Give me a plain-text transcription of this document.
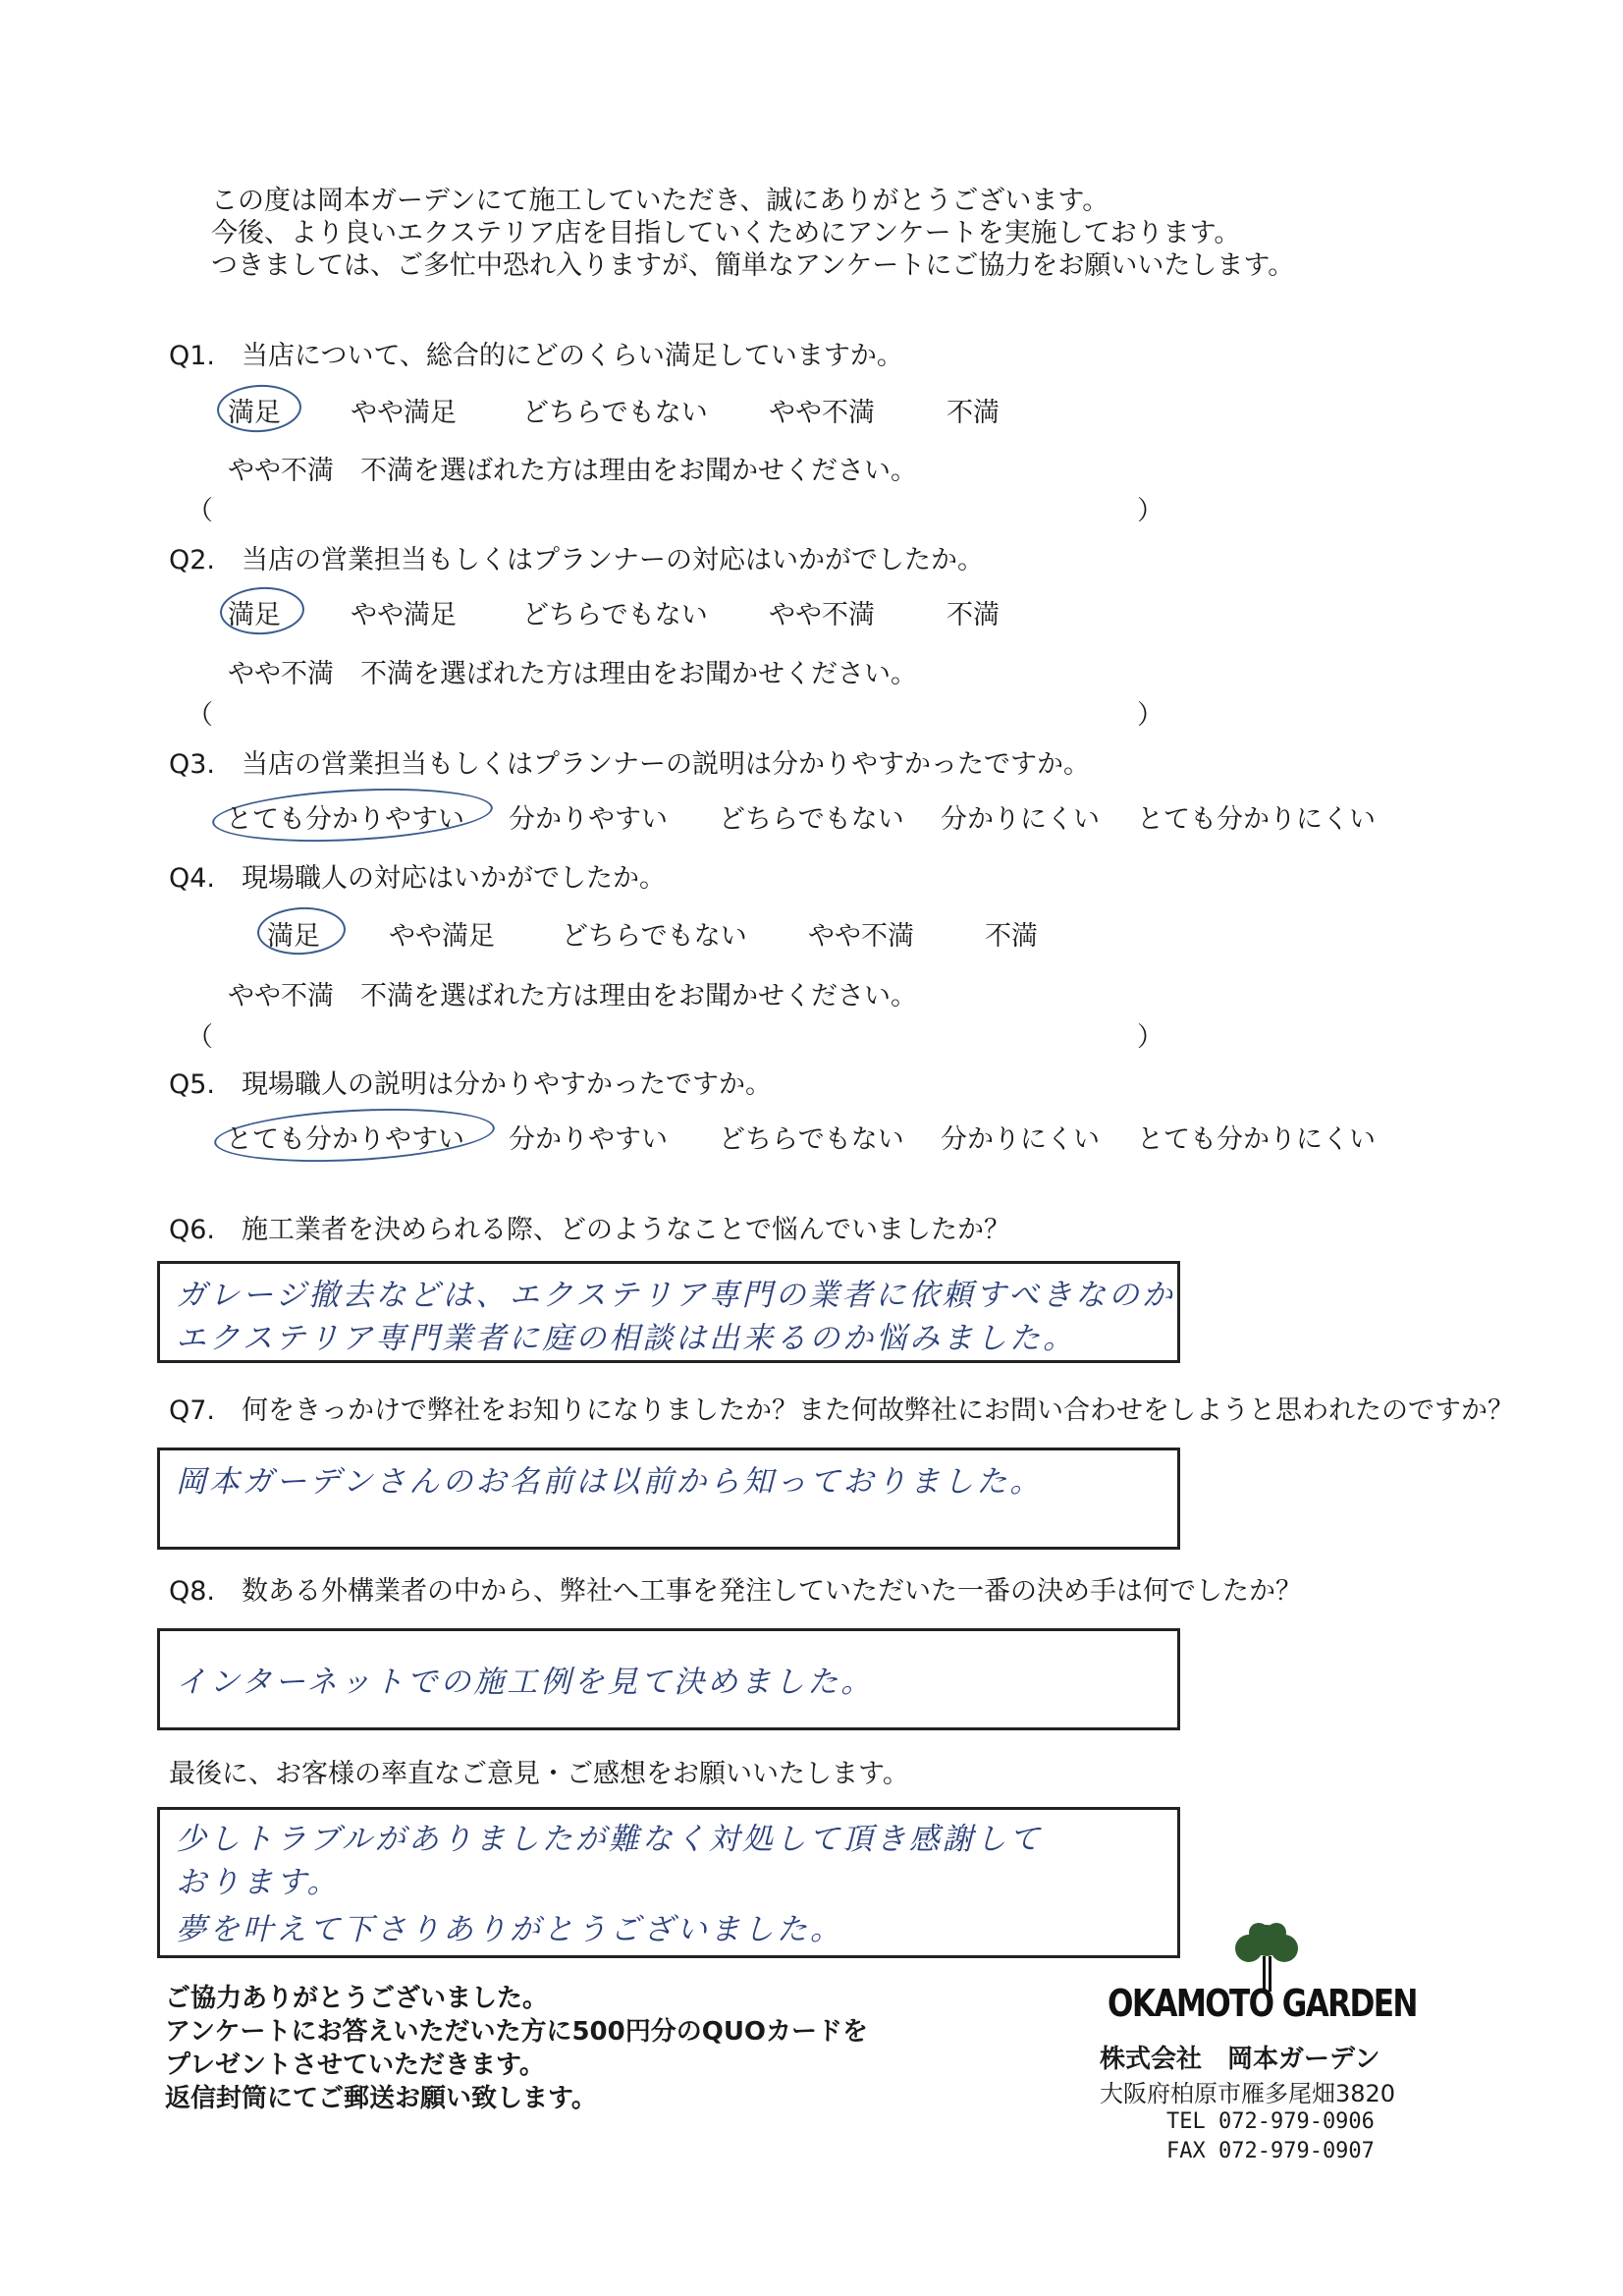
この度は岡本ガーデンにて施工していただき、誠にありがとうございます。
今後、より良いエクステリア店を目指していくためにアンケートを実施しております。
つきましては、ご多忙中恐れ入りますが、簡単なアンケートにご協力をお願いいたします。
Q1.　当店について、総合的にどのくらい満足していますか。
満足	やや満足 どちらでもない やや不満	不満
やや不満　不満を選ばれた方は理由をお聞かせください。
（	）
Q2.　当店の営業担当もしくはプランナーの対応はいかがでしたか。
満足	やや満足 どちらでもない やや不満	不満
やや不満　不満を選ばれた方は理由をお聞かせください。
（	）
Q3.　当店の営業担当もしくはプランナーの説明は分かりやすかったですか。
とても分かりやすい 分かりやすい どちらでもない 分かりにくい とても分かりにくい
Q4.　現場職人の対応はいかがでしたか。
満足	やや満足	どちらでもない やや不満	不満
やや不満　不満を選ばれた方は理由をお聞かせください。
（	）
Q5.　現場職人の説明は分かりやすかったですか。
とても分かりやすい 分かりやすい どちらでもない 分かりにくい とても分かりにくい
Q6.　施工業者を決められる際、どのようなことで悩んでいましたか？
ガレージ撤去などは、エクステリア専門の業者に依頼すべきなのか
エクステリア専門業者に庭の相談は出来るのか悩みました。
Q7.　何をきっかけで弊社をお知りになりましたか？また何故弊社にお問い合わせをしようと思われたのですか？
岡本ガーデンさんのお名前は以前から知っておりました。
Q8.　数ある外構業者の中から、弊社へ工事を発注していただいた一番の決め手は何でしたか？
インターネットでの施工例を見て決めました。
最後に、お客様の率直なご意見・ご感想をお願いいたします。
少しトラブルがありましたが難なく対処して頂き感謝して
おります。
夢を叶えて下さりありがとうございました。
ご協力ありがとうございました。
アンケートにお答えいただいた方に500円分のQUOカードを
プレゼントさせていただきます。
返信封筒にてご郵送お願い致します。
OKAMOTO GARDEN
株式会社　岡本ガーデン
大阪府柏原市雁多尾畑3820
TEL 072-979-0906
FAX 072-979-0907
